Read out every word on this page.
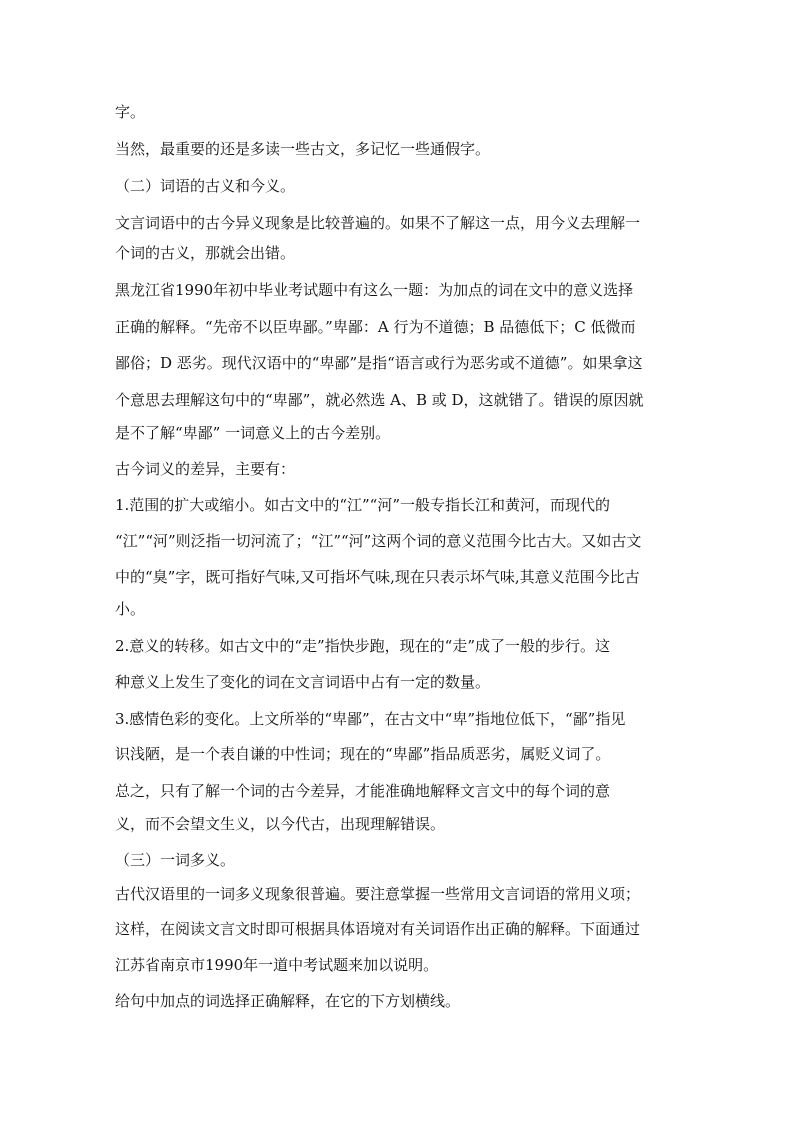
字。

当然，最重要的还是多读一些古文，多记忆一些通假字。

（二）词语的古义和今义。

文言词语中的古今异义现象是比较普遍的。如果不了解这一点，用今义去理解一

个词的古义，那就会出错。

黑龙江省1990年初中毕业考试题中有这么一题：为加点的词在文中的意义选择

正确的解释。“先帝不以臣卑鄙。”卑鄙：A 行为不道德；B 品德低下；C 低微而

鄙俗；D 恶劣。现代汉语中的“卑鄙”是指“语言或行为恶劣或不道德”。如果拿这

个意思去理解这句中的“卑鄙”，就必然选 A、B 或 D，这就错了。错误的原因就

是不了解“卑鄙” 一词意义上的古今差别。

古今词义的差异，主要有：

1.范围的扩大或缩小。如古文中的“江”“河”一般专指长江和黄河，而现代的

“江”“河”则泛指一切河流了；“江”“河”这两个词的意义范围今比古大。又如古文

中的“臭”字，既可指好气味,又可指坏气味,现在只表示坏气味,其意义范围今比古

小。

2.意义的转移。如古文中的“走”指快步跑，现在的“走”成了一般的步行。这

种意义上发生了变化的词在文言词语中占有一定的数量。

3.感情色彩的变化。上文所举的“卑鄙”，在古文中“卑”指地位低下，“鄙”指见

识浅陋，是一个表自谦的中性词；现在的“卑鄙”指品质恶劣，属贬义词了。

总之，只有了解一个词的古今差异，才能准确地解释文言文中的每个词的意

义，而不会望文生义，以今代古，出现理解错误。

（三）一词多义。

古代汉语里的一词多义现象很普遍。要注意掌握一些常用文言词语的常用义项；

这样，在阅读文言文时即可根据具体语境对有关词语作出正确的解释。下面通过

江苏省南京市1990年一道中考试题来加以说明。

给句中加点的词选择正确解释，在它的下方划横线。
